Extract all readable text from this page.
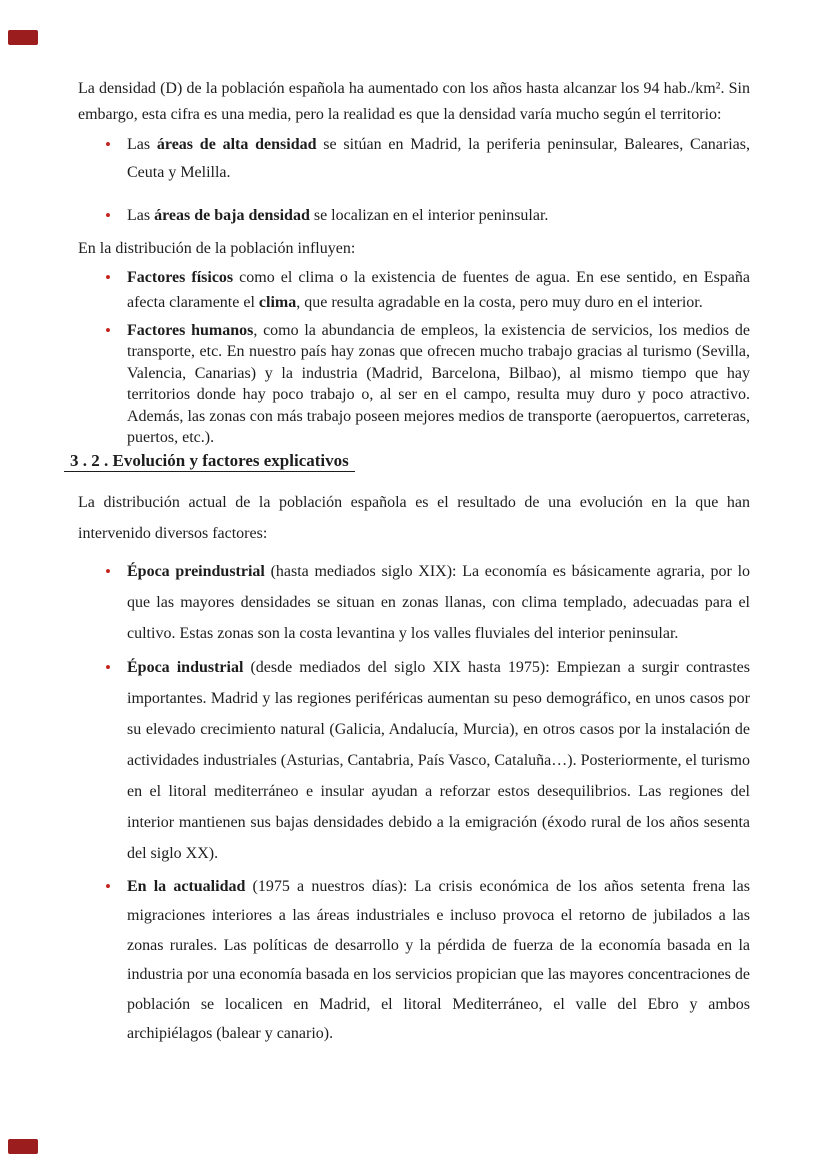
La densidad (D) de la población española ha aumentado con los años hasta alcanzar los 94 hab./km². Sin embargo, esta cifra es una media, pero la realidad es que la densidad varía mucho según el territorio:

• Las áreas de alta densidad se sitúan en Madrid, la periferia peninsular, Baleares, Canarias, Ceuta y Melilla.
• Las áreas de baja densidad se localizan en el interior peninsular.

En la distribución de la población influyen:

• Factores físicos como el clima o la existencia de fuentes de agua. En ese sentido, en España afecta claramente el clima, que resulta agradable en la costa, pero muy duro en el interior.
• Factores humanos, como la abundancia de empleos, la existencia de servicios, los medios de transporte, etc. En nuestro país hay zonas que ofrecen mucho trabajo gracias al turismo (Sevilla, Valencia, Canarias) y la industria (Madrid, Barcelona, Bilbao), al mismo tiempo que hay territorios donde hay poco trabajo o, al ser en el campo, resulta muy duro y poco atractivo. Además, las zonas con más trabajo poseen mejores medios de transporte (aeropuertos, carreteras, puertos, etc.).
3 . 2 . Evolución y factores explicativos

La distribución actual de la población española es el resultado de una evolución en la que han intervenido diversos factores:

• Época preindustrial (hasta mediados siglo XIX): La economía es básicamente agraria, por lo que las mayores densidades se situan en zonas llanas, con clima templado, adecuadas para el cultivo. Estas zonas son la costa levantina y los valles fluviales del interior peninsular.
• Época industrial (desde mediados del siglo XIX hasta 1975): Empiezan a surgir contrastes importantes. Madrid y las regiones periféricas aumentan su peso demográfico, en unos casos por su elevado crecimiento natural (Galicia, Andalucía, Murcia), en otros casos por la instalación de actividades industriales (Asturias, Cantabria, País Vasco, Cataluña…). Posteriormente, el turismo en el litoral mediterráneo e insular ayudan a reforzar estos desequilibrios. Las regiones del interior mantienen sus bajas densidades debido a la emigración (éxodo rural de los años sesenta del siglo XX).
• En la actualidad (1975 a nuestros días): La crisis económica de los años setenta frena las migraciones interiores a las áreas industriales e incluso provoca el retorno de jubilados a las zonas rurales. Las políticas de desarrollo y la pérdida de fuerza de la economía basada en la industria por una economía basada en los servicios propician que las mayores concentraciones de población se localicen en Madrid, el litoral Mediterráneo, el valle del Ebro y ambos archipiélagos (balear y canario).
